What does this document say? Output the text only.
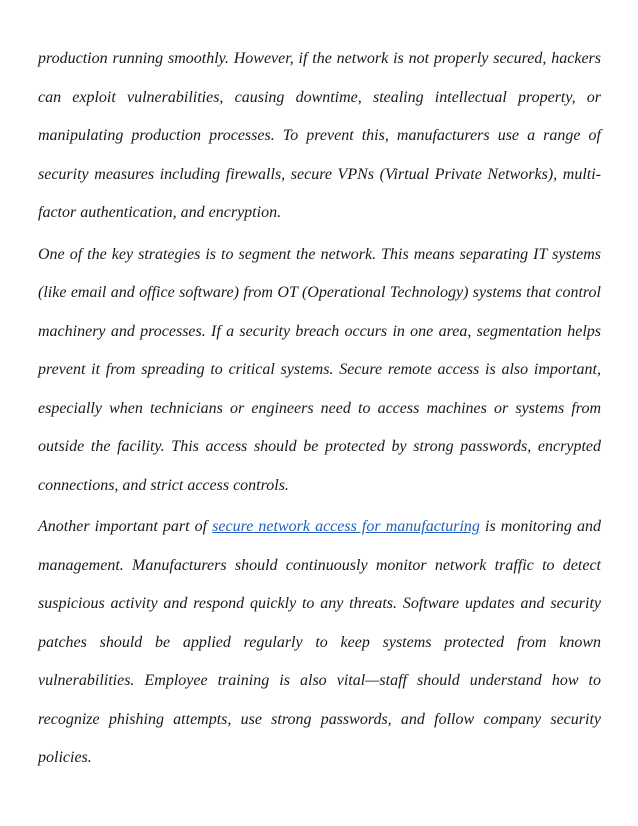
production running smoothly. However, if the network is not properly secured, hackers can exploit vulnerabilities, causing downtime, stealing intellectual property, or manipulating production processes. To prevent this, manufacturers use a range of security measures including firewalls, secure VPNs (Virtual Private Networks), multi-factor authentication, and encryption.

One of the key strategies is to segment the network. This means separating IT systems (like email and office software) from OT (Operational Technology) systems that control machinery and processes. If a security breach occurs in one area, segmentation helps prevent it from spreading to critical systems. Secure remote access is also important, especially when technicians or engineers need to access machines or systems from outside the facility. This access should be protected by strong passwords, encrypted connections, and strict access controls.

Another important part of secure network access for manufacturing is monitoring and management. Manufacturers should continuously monitor network traffic to detect suspicious activity and respond quickly to any threats. Software updates and security patches should be applied regularly to keep systems protected from known vulnerabilities. Employee training is also vital—staff should understand how to recognize phishing attempts, use strong passwords, and follow company security policies.
